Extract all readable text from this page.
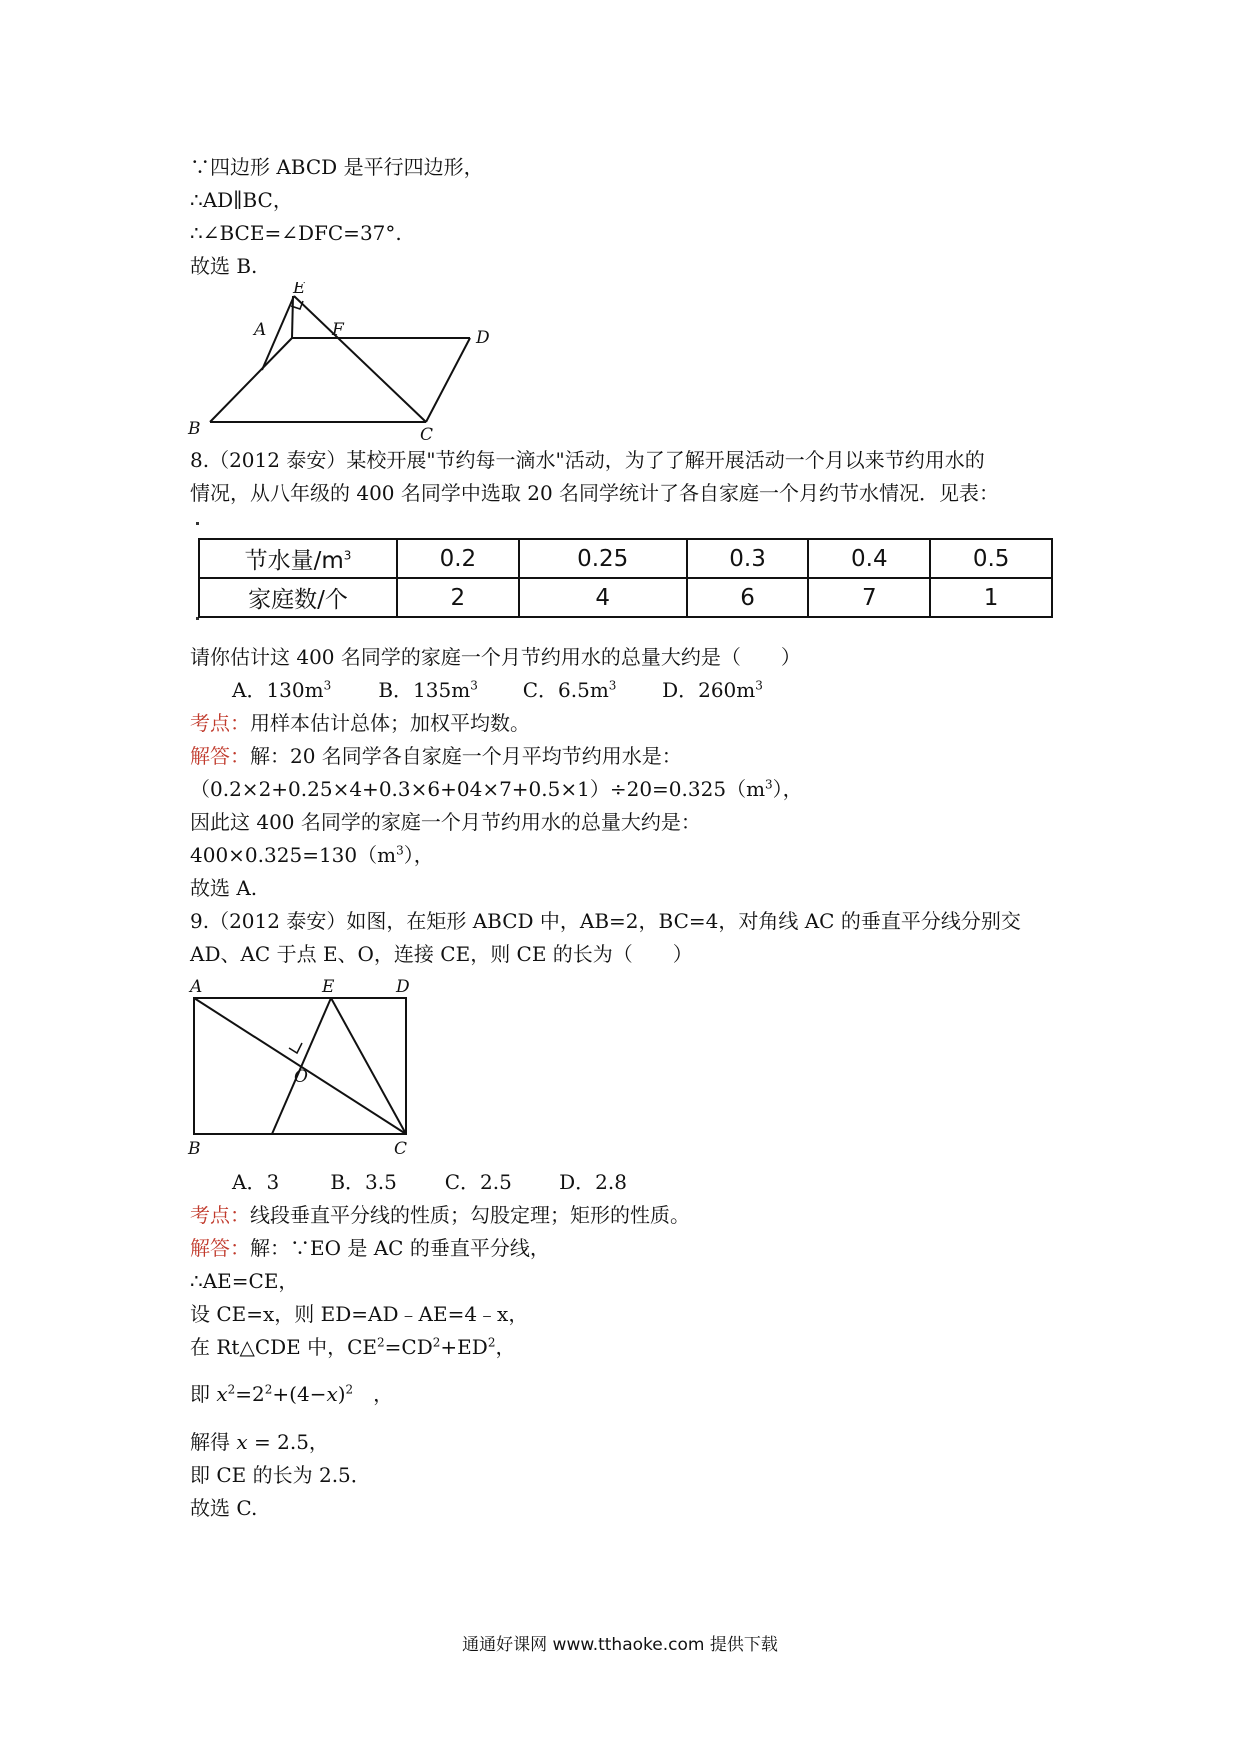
∵四边形 ABCD 是平行四边形，
∴AD∥BC，
∴∠BCE=∠DFC=37°.
故选 B.
E
A	F	D
B	C
8.（2012 泰安）某校开展"节约每一滴水"活动，为了了解开展活动一个月以来节约用水的
情况，从八年级的 400 名同学中选取 20 名同学统计了各自家庭一个月约节水情况．见表：
节水量$/m^3$	0.2	0.25	0.3	0.4	0.5
家庭数/个	2	4	6	7	1
请你估计这 400 名同学的家庭一个月节约用水的总量大约是（　　）
A．$130m^3$ B．$135m^3$ C．$6.5m^3$ D．$260m^3$
考点：用样本估计总体；加权平均数。
解答：解：20 名同学各自家庭一个月平均节约用水是：
$(0.2\times 2+0.25\times 4+0.3\times 6+04\times 7+0.5\times 1)\div 20=0.325(m^3)$，
因此这 400 名同学的家庭一个月节约用水的总量大约是：
$400\times 0.325=130(m^3)$，
故选 A.
9.（2012 泰安）如图，在矩形 ABCD 中，AB=2，BC=4，对角线 AC 的垂直平分线分别交
AD、AC 于点 E、O，连接 CE，则 CE 的长为（　　）
A	E	D
O
B	C
A．3	B．3.5 C．2.5 D．2.8
考点：线段垂直平分线的性质；勾股定理；矩形的性质。
解答：解：∵EO 是 AC 的垂直平分线，
∴AE=CE，
设 CE=x，则 ED=AD﹣AE=4﹣x，
在 Rt△CDE 中，$CE^2=CD^2+ED^2$，
即 $x^2=2^2+(4-x)^2$　，
解得 x = 2.5，
即 CE 的长为 2.5．
故选 C.
通通好课网 www.tthaoke.com 提供下载
